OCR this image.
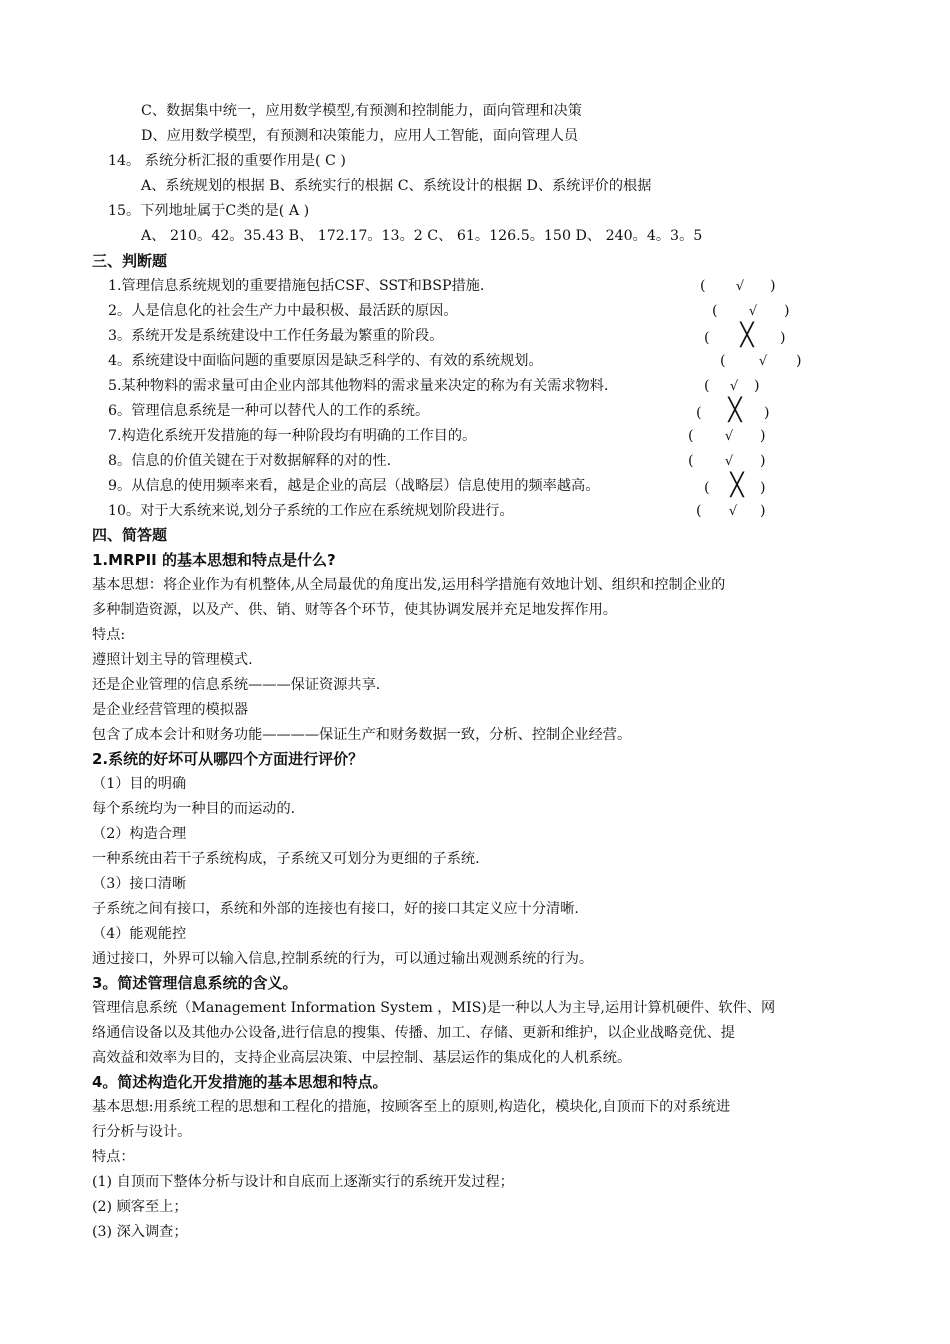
C、数据集中统一，应用数学模型,有预测和控制能力，面向管理和决策
D、应用数学模型，有预测和决策能力，应用人工智能，面向管理人员
14。 系统分析汇报的重要作用是( C )
A、系统规划的根据 B、系统实行的根据 C、系统设计的根据 D、系统评价的根据
15。下列地址属于C类的是( A )
A、 210。42。35.43 B、 172.17。13。2 C、 61。126.5。150 D、 240。4。3。5
三、判断题
1.管理信息系统规划的重要措施包括CSF、SST和BSP措施.	( √ )
2。人是信息化的社会生产力中最积极、最活跃的原因。	( √ )
3。系统开发是系统建设中工作任务最为繁重的阶段。	( ╳ )
4。系统建设中面临问题的重要原因是缺乏科学的、有效的系统规划。	(	√ )
5.某种物料的需求量可由企业内部其他物料的需求量来决定的称为有关需求物料.	( √ )
6。管理信息系统是一种可以替代人的工作的系统。	( ╳ )
7.构造化系统开发措施的每一种阶段均有明确的工作目的。	( √ )
8。信息的价值关键在于对数据解释的对的性.	( √ )
9。从信息的使用频率来看，越是企业的高层（战略层）信息使用的频率越高。	( ╳ )
10。对于大系统来说,划分子系统的工作应在系统规划阶段进行。	( √ )
四、简答题
1.MRPII 的基本思想和特点是什么?
基本思想：将企业作为有机整体,从全局最优的角度出发,运用科学措施有效地计划、组织和控制企业的
多种制造资源，以及产、供、销、财等各个环节，使其协调发展并充足地发挥作用。
特点:
遵照计划主导的管理模式.
还是企业管理的信息系统———保证资源共享.
是企业经营管理的模拟器
包含了成本会计和财务功能————保证生产和财务数据一致，分析、控制企业经营。
2.系统的好坏可从哪四个方面进行评价？
（1）目的明确
每个系统均为一种目的而运动的.
（2）构造合理
一种系统由若干子系统构成，子系统又可划分为更细的子系统.
（3）接口清晰
子系统之间有接口，系统和外部的连接也有接口，好的接口其定义应十分清晰.
（4）能观能控
通过接口，外界可以输入信息,控制系统的行为，可以通过输出观测系统的行为。
3。简述管理信息系统的含义。
管理信息系统（Management Information System ，MIS)是一种以人为主导,运用计算机硬件、软件、网
络通信设备以及其他办公设备,进行信息的搜集、传播、加工、存储、更新和维护，以企业战略竞优、提
高效益和效率为目的，支持企业高层决策、中层控制、基层运作的集成化的人机系统。
4。简述构造化开发措施的基本思想和特点。
基本思想:用系统工程的思想和工程化的措施，按顾客至上的原则,构造化，模块化,自顶而下的对系统进
行分析与设计。
特点：
(1) 自顶而下整体分析与设计和自底而上逐渐实行的系统开发过程；
(2) 顾客至上；
(3) 深入调查；
